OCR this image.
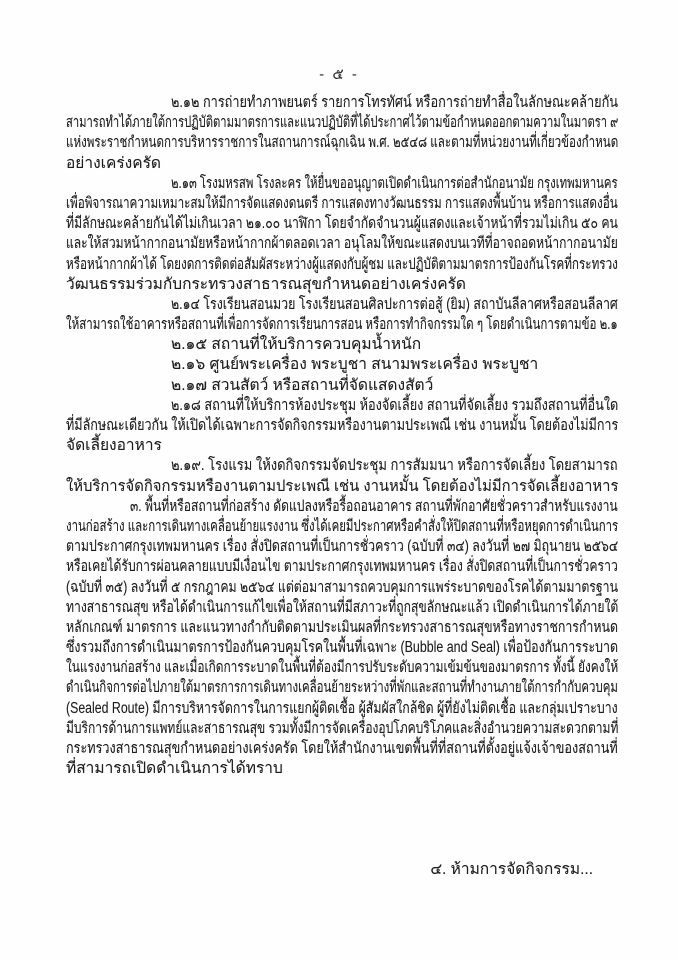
- ๕ -
๒.๑๒ การถ่ายทำภาพยนตร์ รายการโทรทัศน์ หรือการถ่ายทำสื่อในลักษณะคล้ายกัน
สามารถทำได้ภายใต้การปฏิบัติตามมาตรการและแนวปฏิบัติที่ได้ประกาศไว้ตามข้อกำหนดออกตามความในมาตรา ๙
แห่งพระราชกำหนดการบริหารราชการในสถานการณ์ฉุกเฉิน พ.ศ. ๒๕๔๘ และตามที่หน่วยงานที่เกี่ยวข้องกำหนด
อย่างเคร่งครัด
๒.๑๓ โรงมหรสพ โรงละคร ให้ยื่นขออนุญาตเปิดดำเนินการต่อสำนักอนามัย กรุงเทพมหานคร
เพื่อพิจารณาความเหมาะสมให้มีการจัดแสดงดนตรี การแสดงทางวัฒนธรรม การแสดงพื้นบ้าน หรือการแสดงอื่น
ที่มีลักษณะคล้ายกันได้ไม่เกินเวลา ๒๑.๐๐ นาฬิกา โดยจำกัดจำนวนผู้แสดงและเจ้าหน้าที่รวมไม่เกิน ๕๐ คน
และให้สวมหน้ากากอนามัยหรือหน้ากากผ้าตลอดเวลา อนุโลมให้ขณะแสดงบนเวทีที่อาจถอดหน้ากากอนามัย
หรือหน้ากากผ้าได้ โดยงดการติดต่อสัมผัสระหว่างผู้แสดงกับผู้ชม และปฏิบัติตามมาตรการป้องกันโรคที่กระทรวง
วัฒนธรรมร่วมกับกระทรวงสาธารณสุขกำหนดอย่างเคร่งครัด
๒.๑๔ โรงเรียนสอนมวย โรงเรียนสอนศิลปะการต่อสู้ (ยิม) สถาบันลีลาศหรือสอนลีลาศ
ให้สามารถใช้อาคารหรือสถานที่เพื่อการจัดการเรียนการสอน หรือการทำกิจกรรมใด ๆ โดยดำเนินการตามข้อ ๒.๑
๒.๑๕ สถานที่ให้บริการควบคุมน้ำหนัก
๒.๑๖ ศูนย์พระเครื่อง พระบูชา สนามพระเครื่อง พระบูชา
๒.๑๗ สวนสัตว์ หรือสถานที่จัดแสดงสัตว์
๒.๑๘ สถานที่ให้บริการห้องประชุม ห้องจัดเลี้ยง สถานที่จัดเลี้ยง รวมถึงสถานที่อื่นใด
ที่มีลักษณะเดียวกัน ให้เปิดได้เฉพาะการจัดกิจกรรมหรืองานตามประเพณี เช่น งานหมั้น โดยต้องไม่มีการ
จัดเลี้ยงอาหาร
๒.๑๙. โรงแรม ให้งดกิจกรรมจัดประชุม การสัมมนา หรือการจัดเลี้ยง โดยสามารถ
ให้บริการจัดกิจกรรมหรืองานตามประเพณี เช่น งานหมั้น โดยต้องไม่มีการจัดเลี้ยงอาหาร
๓. พื้นที่หรือสถานที่ก่อสร้าง ดัดแปลงหรือรื้อถอนอาคาร สถานที่พักอาศัยชั่วคราวสำหรับแรงงาน
งานก่อสร้าง และการเดินทางเคลื่อนย้ายแรงงาน ซึ่งได้เคยมีประกาศหรือคำสั่งให้ปิดสถานที่หรือหยุดการดำเนินการ
ตามประกาศกรุงเทพมหานคร เรื่อง สั่งปิดสถานที่เป็นการชั่วคราว (ฉบับที่ ๓๔) ลงวันที่ ๒๗ มิถุนายน ๒๕๖๔
หรือเคยได้รับการผ่อนคลายแบบมีเงื่อนไข ตามประกาศกรุงเทพมหานคร เรื่อง สั่งปิดสถานที่เป็นการชั่วคราว
(ฉบับที่ ๓๕) ลงวันที่ ๕ กรกฎาคม ๒๕๖๔ แต่ต่อมาสามารถควบคุมการแพร่ระบาดของโรคได้ตามมาตรฐาน
ทางสาธารณสุข หรือได้ดำเนินการแก้ไขเพื่อให้สถานที่มีสภาวะที่ถูกสุขลักษณะแล้ว เปิดดำเนินการได้ภายใต้
หลักเกณฑ์ มาตรการ และแนวทางกำกับติดตามประเมินผลที่กระทรวงสาธารณสุขหรือทางราชการกำหนด
ซึ่งรวมถึงการดำเนินมาตรการป้องกันควบคุมโรคในพื้นที่เฉพาะ (Bubble and Seal) เพื่อป้องกันการระบาด
ในแรงงานก่อสร้าง และเมื่อเกิดการระบาดในพื้นที่ต้องมีการปรับระดับความเข้มข้นของมาตรการ ทั้งนี้ ยังคงให้
ดำเนินกิจการต่อไปภายใต้มาตรการการเดินทางเคลื่อนย้ายระหว่างที่พักและสถานที่ทำงานภายใต้การกำกับควบคุม
(Sealed Route) มีการบริหารจัดการในการแยกผู้ติดเชื้อ ผู้สัมผัสใกล้ชิด ผู้ที่ยังไม่ติดเชื้อ และกลุ่มเปราะบาง
มีบริการด้านการแพทย์และสาธารณสุข รวมทั้งมีการจัดเครื่องอุปโภคบริโภคและสิ่งอำนวยความสะดวกตามที่
กระทรวงสาธารณสุขกำหนดอย่างเคร่งครัด โดยให้สำนักงานเขตพื้นที่ที่สถานที่ตั้งอยู่แจ้งเจ้าของสถานที่
ที่สามารถเปิดดำเนินการได้ทราบ
๔. ห้ามการจัดกิจกรรม...
